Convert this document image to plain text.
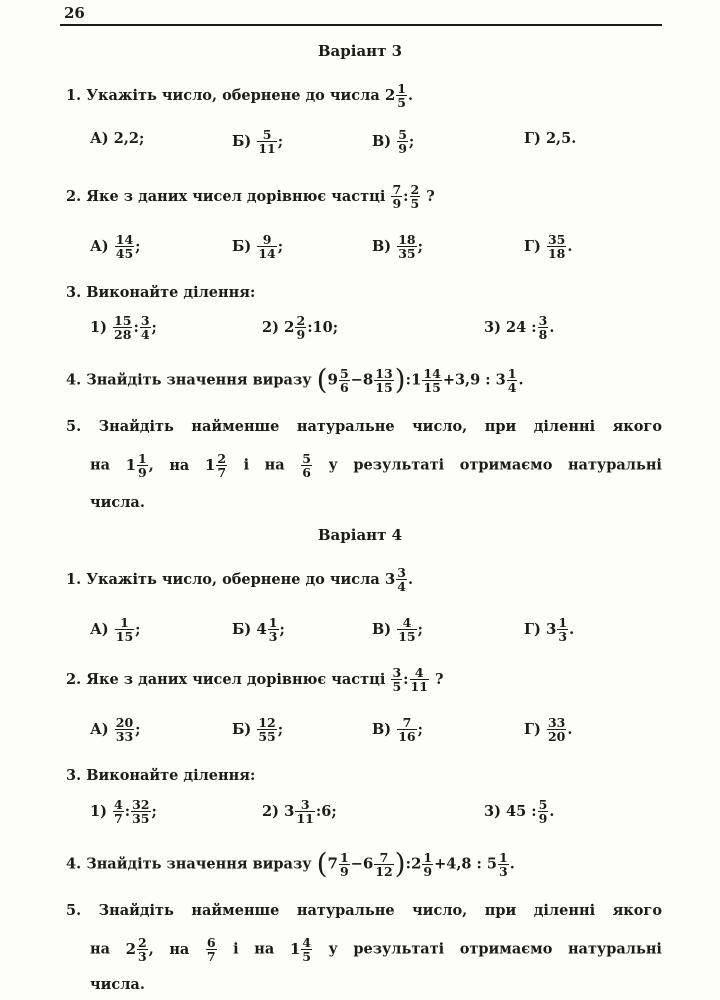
26
Варіант 3
1. Укажіть число, обернене до числа $2 \frac{1}{5}$ .
А) 2,2;	$Б) \frac{5}{11}$ ;	$В) \frac{5}{9}$ ;	Г) 2,5.
2. Яке з даних чисел дорівнює частці $\frac{7}{9}$ : $\frac{2}{5}$ ?
$А) \frac{14}{45}$ ;	$Б) \frac{9}{14}$ ;	$В) \frac{18}{35}$ ;	$Г) \frac{35}{18}$ .
3. Виконайте ділення:
$1) \frac{15}{28}$ : $\frac{3}{4}$ ;	2) $2 \frac{2}{9}$ :10;	3) 24 : $\frac{3}{8}$ .
4. Знайдіть значення виразу ($9 \frac{5}{6} -8 \frac{13}{15}$ ):1 $\frac{14}{15} +3,9$ : $3 \frac{1}{4}$ .
5. Знайдіть найменше натуральне число, при діленні якого
на $1 \frac{1}{9}$ , на $1 \frac{2}{7}$ і на $\frac{5}{6}$ у результаті отримаємо натуральні
числа.
Варіант 4
1. Укажіть число, обернене до числа $3 \frac{3}{4}$ .
$А) \frac{1}{15}$ ;	Б) $4 \frac{1}{3}$ ;	$В) \frac{4}{15}$ ;	Г) $3 \frac{1}{3}$ .
2. Яке з даних чисел дорівнює частці $\frac{3}{5}$ : $\frac{4}{11}$ ?
$А) \frac{20}{33}$ ;	$Б) \frac{12}{55}$ ;	$В) \frac{7}{16}$ ;	$Г) \frac{33}{20}$ .
3. Виконайте ділення:
$1) \frac{4}{7}$ : $\frac{32}{35}$ ;	2) $3 \frac{3}{11}$ :6;	3) 45 : $\frac{5}{9}$ .
4. Знайдіть значення виразу ($7 \frac{1}{9} -6 \frac{7}{12}$ ):2 $\frac{1}{9} +4,8$ : $5 \frac{1}{3}$ .
5. Знайдіть найменше натуральне число, при діленні якого
на $2 \frac{2}{3}$ , на $\frac{6}{7}$ і на $1 \frac{4}{5}$ у результаті отримаємо натуральні
числа.
